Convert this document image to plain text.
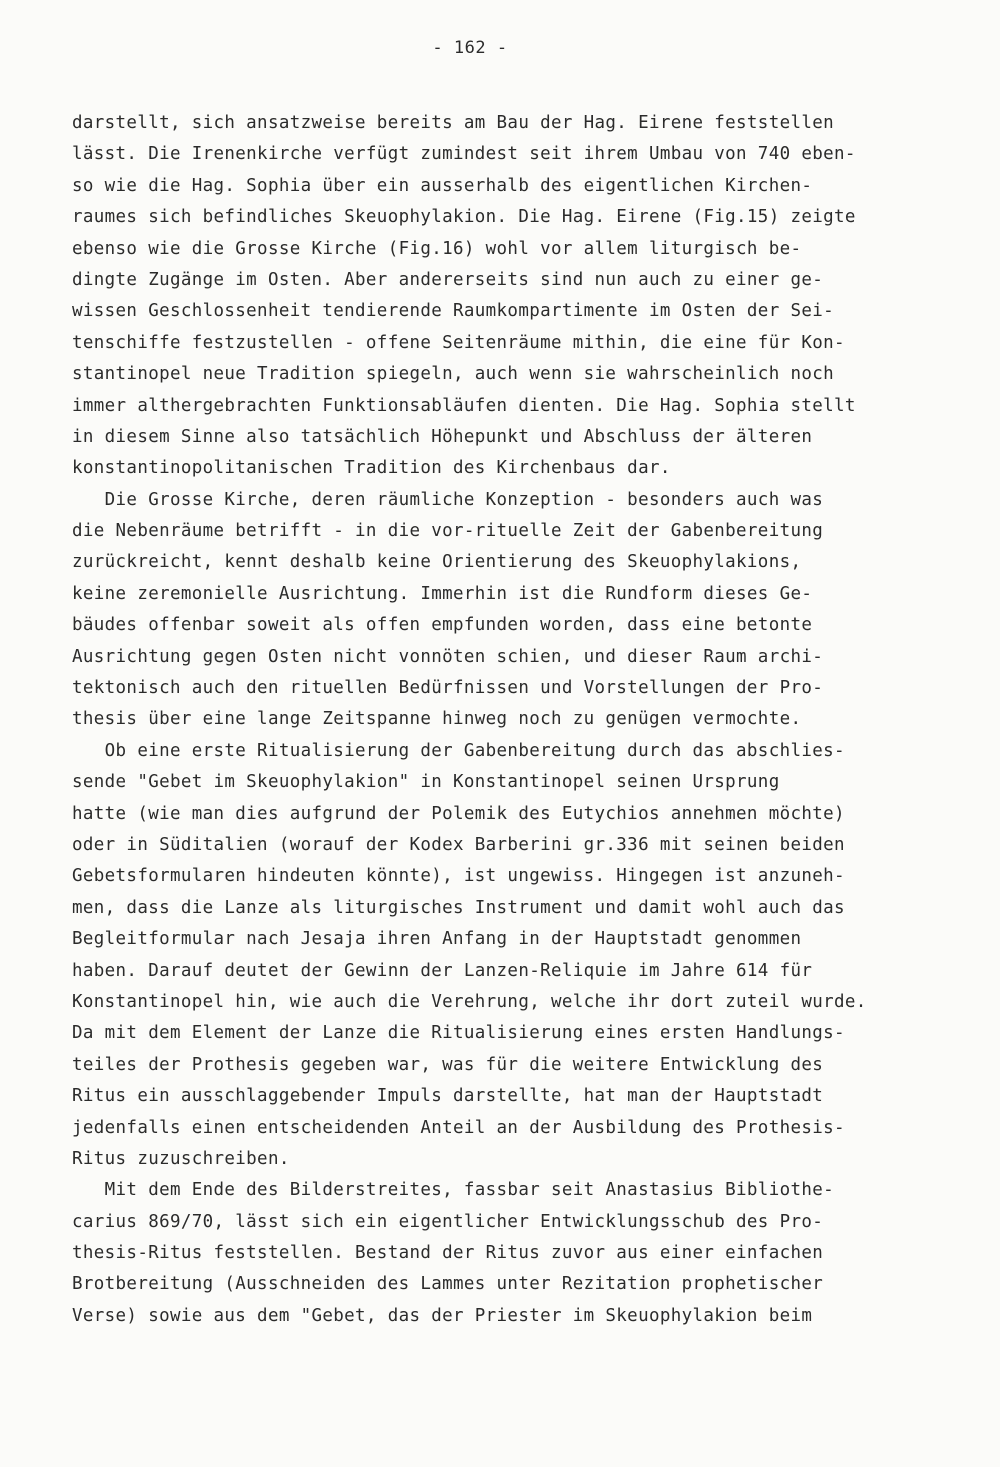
- 162 -
darstellt, sich ansatzweise bereits am Bau der Hag. Eirene feststellen
lässt. Die Irenenkirche verfügt zumindest seit ihrem Umbau von 740 eben-
so wie die Hag. Sophia über ein ausserhalb des eigentlichen Kirchen-
raumes sich befindliches Skeuophylakion. Die Hag. Eirene (Fig.15) zeigte
ebenso wie die Grosse Kirche (Fig.16) wohl vor allem liturgisch be-
dingte Zugänge im Osten. Aber andererseits sind nun auch zu einer ge-
wissen Geschlossenheit tendierende Raumkompartimente im Osten der Sei-
tenschiffe festzustellen - offene Seitenräume mithin, die eine für Kon-
stantinopel neue Tradition spiegeln, auch wenn sie wahrscheinlich noch
immer althergebrachten Funktionsabläufen dienten. Die Hag. Sophia stellt
in diesem Sinne also tatsächlich Höhepunkt und Abschluss der älteren
konstantinopolitanischen Tradition des Kirchenbaus dar.
Die Grosse Kirche, deren räumliche Konzeption - besonders auch was
die Nebenräume betrifft - in die vor-rituelle Zeit der Gabenbereitung
zurückreicht, kennt deshalb keine Orientierung des Skeuophylakions,
keine zeremonielle Ausrichtung. Immerhin ist die Rundform dieses Ge-
bäudes offenbar soweit als offen empfunden worden, dass eine betonte
Ausrichtung gegen Osten nicht vonnöten schien, und dieser Raum archi-
tektonisch auch den rituellen Bedürfnissen und Vorstellungen der Pro-
thesis über eine lange Zeitspanne hinweg noch zu genügen vermochte.
Ob eine erste Ritualisierung der Gabenbereitung durch das abschlies-
sende "Gebet im Skeuophylakion" in Konstantinopel seinen Ursprung
hatte (wie man dies aufgrund der Polemik des Eutychios annehmen möchte)
oder in Süditalien (worauf der Kodex Barberini gr.336 mit seinen beiden
Gebetsformularen hindeuten könnte), ist ungewiss. Hingegen ist anzuneh-
men, dass die Lanze als liturgisches Instrument und damit wohl auch das
Begleitformular nach Jesaja ihren Anfang in der Hauptstadt genommen
haben. Darauf deutet der Gewinn der Lanzen-Reliquie im Jahre 614 für
Konstantinopel hin, wie auch die Verehrung, welche ihr dort zuteil wurde.
Da mit dem Element der Lanze die Ritualisierung eines ersten Handlungs-
teiles der Prothesis gegeben war, was für die weitere Entwicklung des
Ritus ein ausschlaggebender Impuls darstellte, hat man der Hauptstadt
jedenfalls einen entscheidenden Anteil an der Ausbildung des Prothesis-
Ritus zuzuschreiben.
Mit dem Ende des Bilderstreites, fassbar seit Anastasius Bibliothe-
carius 869/70, lässt sich ein eigentlicher Entwicklungsschub des Pro-
thesis-Ritus feststellen. Bestand der Ritus zuvor aus einer einfachen
Brotbereitung (Ausschneiden des Lammes unter Rezitation prophetischer
Verse) sowie aus dem "Gebet, das der Priester im Skeuophylakion beim
